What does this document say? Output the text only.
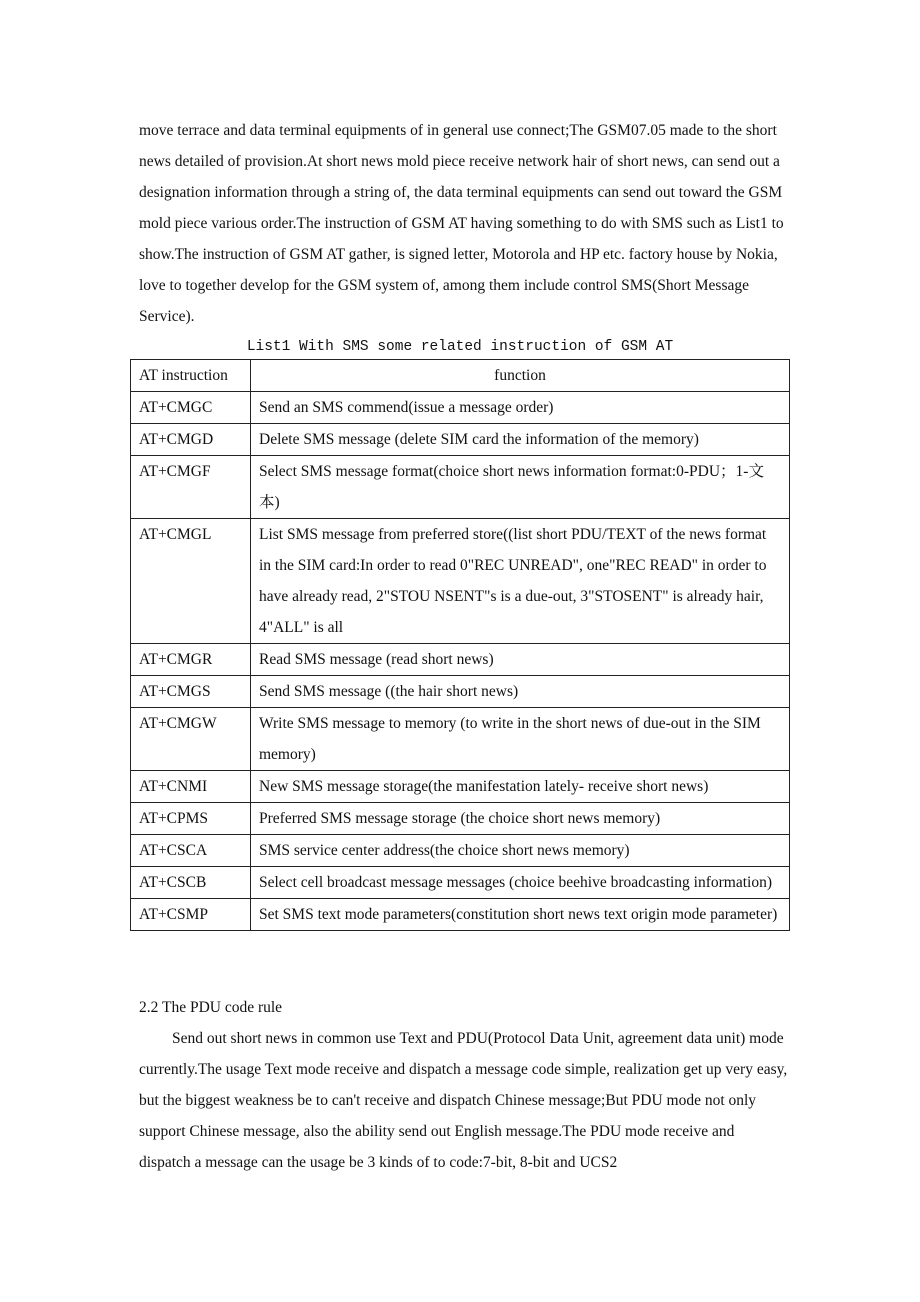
move terrace and data terminal equipments of in general use connect;The GSM07.05 made to the short news detailed of provision.At short news mold piece receive network hair of short news, can send out a designation information through a string of, the data terminal equipments can send out toward the GSM mold piece various order.The instruction of GSM AT having something to do with SMS such as List1 to show.The instruction of GSM AT gather, is signed letter, Motorola and HP etc. factory house by Nokia, love to together develop for the GSM system of, among them include control SMS(Short Message Service).

List1 With SMS some related instruction of GSM AT
AT instruction	function
AT+CMGC	Send an SMS commend(issue a message order)
AT+CMGD	Delete SMS message (delete SIM card the information of the memory)
AT+CMGF	Select SMS message format(choice short news information format:0-PDU；1-文本)
AT+CMGL	List SMS message from preferred store((list short PDU/TEXT of the news format in the SIM card:In order to read 0"REC UNREAD", one"REC READ" in order to have already read, 2"STOU NSENT"s is a due-out, 3"STOSENT" is already hair, 4"ALL" is all
AT+CMGR	Read SMS message (read short news)
AT+CMGS	Send SMS message ((the hair short news)
AT+CMGW	Write SMS message to memory (to write in the short news of due-out in the SIM memory)
AT+CNMI	New SMS message storage(the manifestation lately- receive short news)
AT+CPMS	Preferred SMS message storage (the choice short news memory)
AT+CSCA	SMS service center address(the choice short news memory)
AT+CSCB	Select cell broadcast message messages (choice beehive broadcasting information)
AT+CSMP	Set SMS text mode parameters(constitution short news text origin mode parameter)

2.2 The PDU code rule

Send out short news in common use Text and PDU(Protocol Data Unit, agreement data unit) mode currently.The usage Text mode receive and dispatch a message code simple, realization get up very easy, but the biggest weakness be to can't receive and dispatch Chinese message;But PDU mode not only support Chinese message, also the ability send out English message.The PDU mode receive and dispatch a message can the usage be 3 kinds of to code:7-bit, 8-bit and UCS2
